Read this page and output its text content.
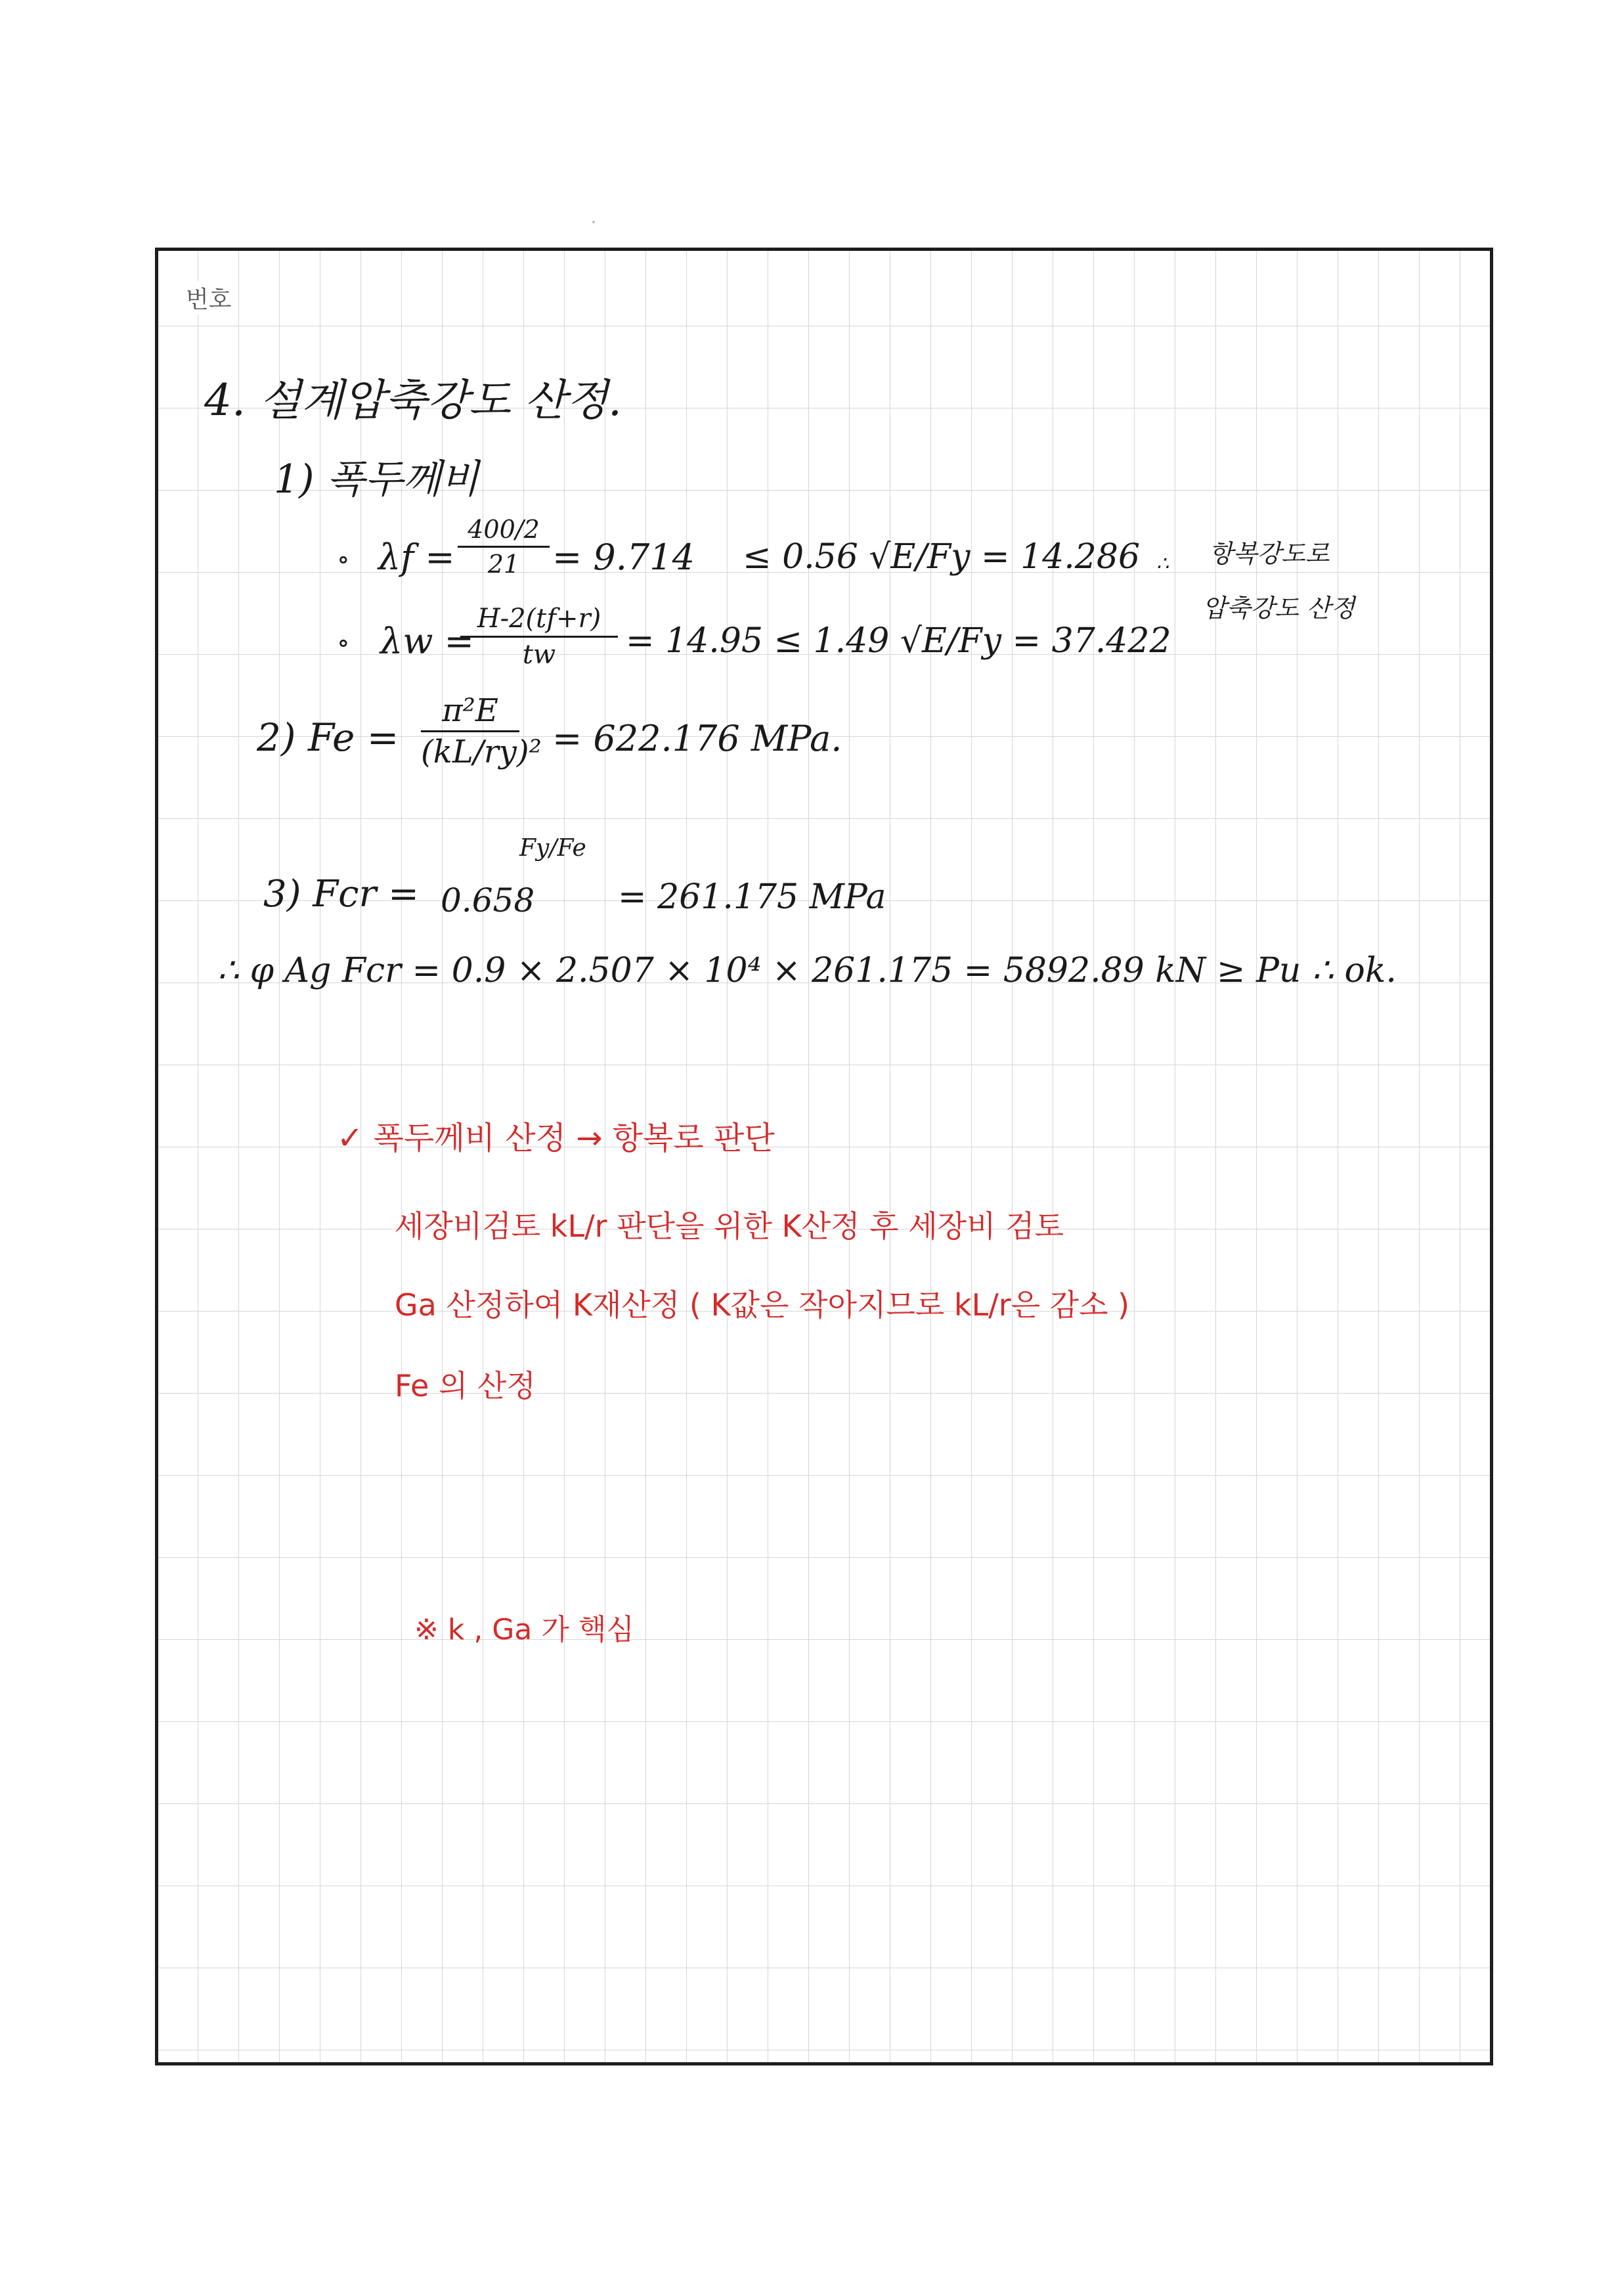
번호
4. 설계압축강도 산정.
1) 폭두께비
∘ λf =
400/2
21 = 9.714 ≤ 0.56 √E/Fy = 14.286
∘ λw =
H-2(tf+r)
tw	= 14.95 ≤ 1.49 √E/Fy = 37.422
∴ 항복강도로
압축강도 산정
2) Fe =
π²E
(kL/ry)² = 622.176 MPa.
3) Fcr = 0.658
Fy/Fe
= 261.175 MPa
∴ φ Ag Fcr = 0.9 × 2.507 × 10⁴ × 261.175 = 5892.89 kN ≥ Pu ∴ ok.
✓ 폭두께비 산정 → 항복로 판단
세장비검토 kL/r 판단을 위한 K산정 후 세장비 검토
Ga 산정하여 K재산정 ( K값은 작아지므로 kL/r은 감소 )
Fe 의 산정
※ k , Ga 가 핵심
